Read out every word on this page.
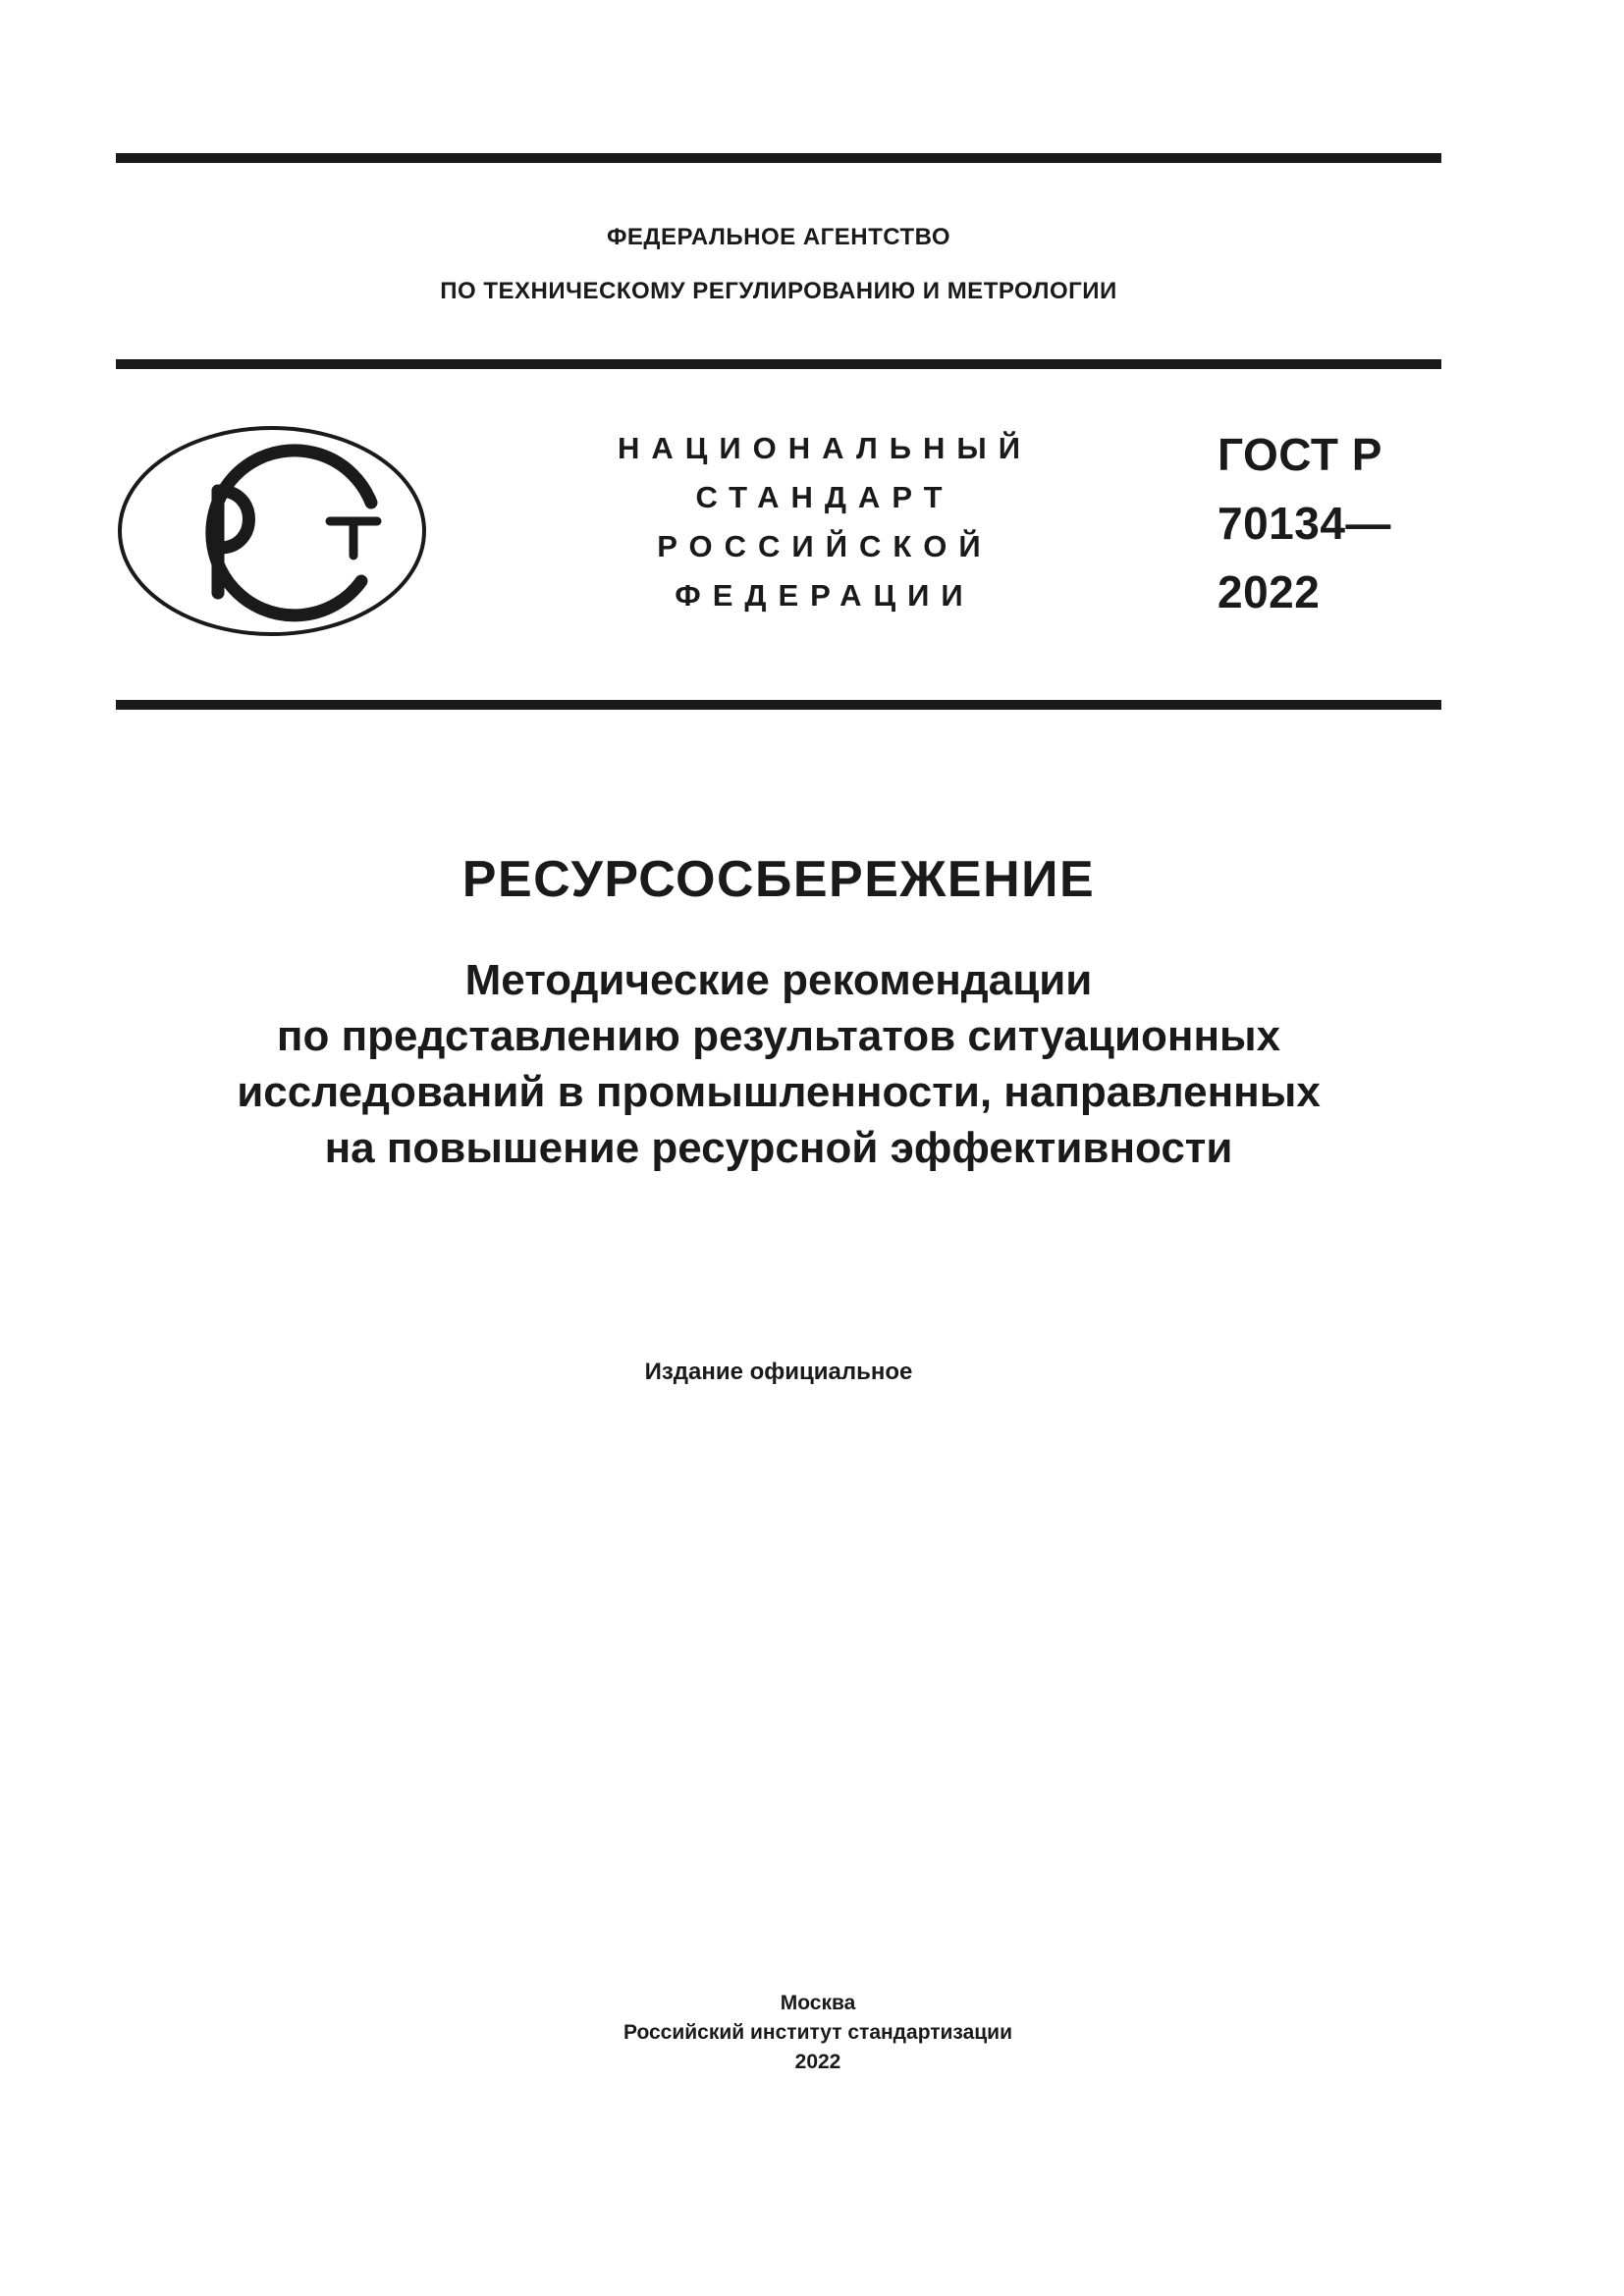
ФЕДЕРАЛЬНОЕ АГЕНТСТВО
ПО ТЕХНИЧЕСКОМУ РЕГУЛИРОВАНИЮ И МЕТРОЛОГИИ
НАЦИОНАЛЬНЫЙ
СТАНДАРТ
РОССИЙСКОЙ
ФЕДЕРАЦИИ
ГОСТ Р
70134—
2022
РЕСУРСОСБЕРЕЖЕНИЕ
Методические рекомендации
по представлению результатов ситуационных
исследований в промышленности, направленных
на повышение ресурсной эффективности
Издание официальное
Москва
Российский институт стандартизации
2022
